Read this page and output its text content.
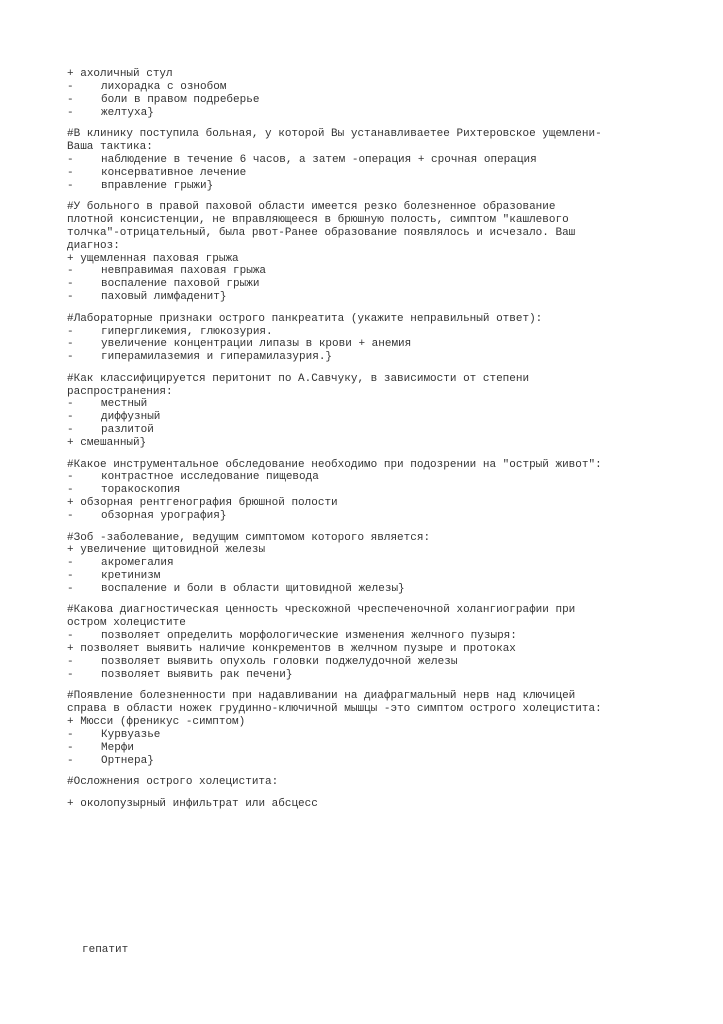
+ ахоличный стул
- лихорадка с ознобом
- боли в правом подреберье
- желтуха}
#В клинику поступила больная, у которой Вы устанавливаетее Рихтеровское ущемлени-
Ваша тактика:
- наблюдение в течение 6 часов, а затем -операция + срочная операция
- консервативное лечение
- вправление грыжи}
#У больного в правой паховой области имеется резко болезненное образование
плотной консистенции, не вправляющееся в брюшную полость, симптом "кашлевого
толчка"-отрицательный, была рвот-Ранее образование появлялось и исчезало. Ваш
диагноз:
+ ущемленная паховая грыжа
- невправимая паховая грыжа
- воспаление паховой грыжи
- паховый лимфаденит}
#Лабораторные признаки острого панкреатита (укажите неправильный ответ):
- гипергликемия, глюкозурия.
- увеличение концентрации липазы в крови + анемия
- гиперамилаземия и гиперамилазурия.}
#Как классифицируется перитонит по А.Савчуку, в зависимости от степени
распространения:
- местный
- диффузный
- разлитой
+ смешанный}
#Какое инструментальное обследование необходимо при подозрении на "острый живот":
- контрастное исследование пищевода
- торакоскопия
+ обзорная рентгенография брюшной полости
- обзорная урография}
#Зоб -заболевание, ведущим симптомом которого является:
+ увеличение щитовидной железы
- акромегалия
- кретинизм
- воспаление и боли в области щитовидной железы}
#Какова диагностическая ценность чрескожной чреспеченочной холангиографии при
остром холецистите
- позволяет определить морфологические изменения желчного пузыря:
+ позволяет выявить наличие конкрементов в желчном пузыре и протоках
- позволяет выявить опухоль головки поджелудочной железы
- позволяет выявить рак печени}
#Появление болезненности при надавливании на диафрагмальный нерв над ключицей
справа в области ножек грудинно-ключичной мышцы -это симптом острого холецистита:
+ Мюсси (френикус -симптом)
- Курвуазье
- Мерфи
- Ортнера}
#Осложнения острого холецистита:
+ околопузырный инфильтрат или абсцесс
гепатит
